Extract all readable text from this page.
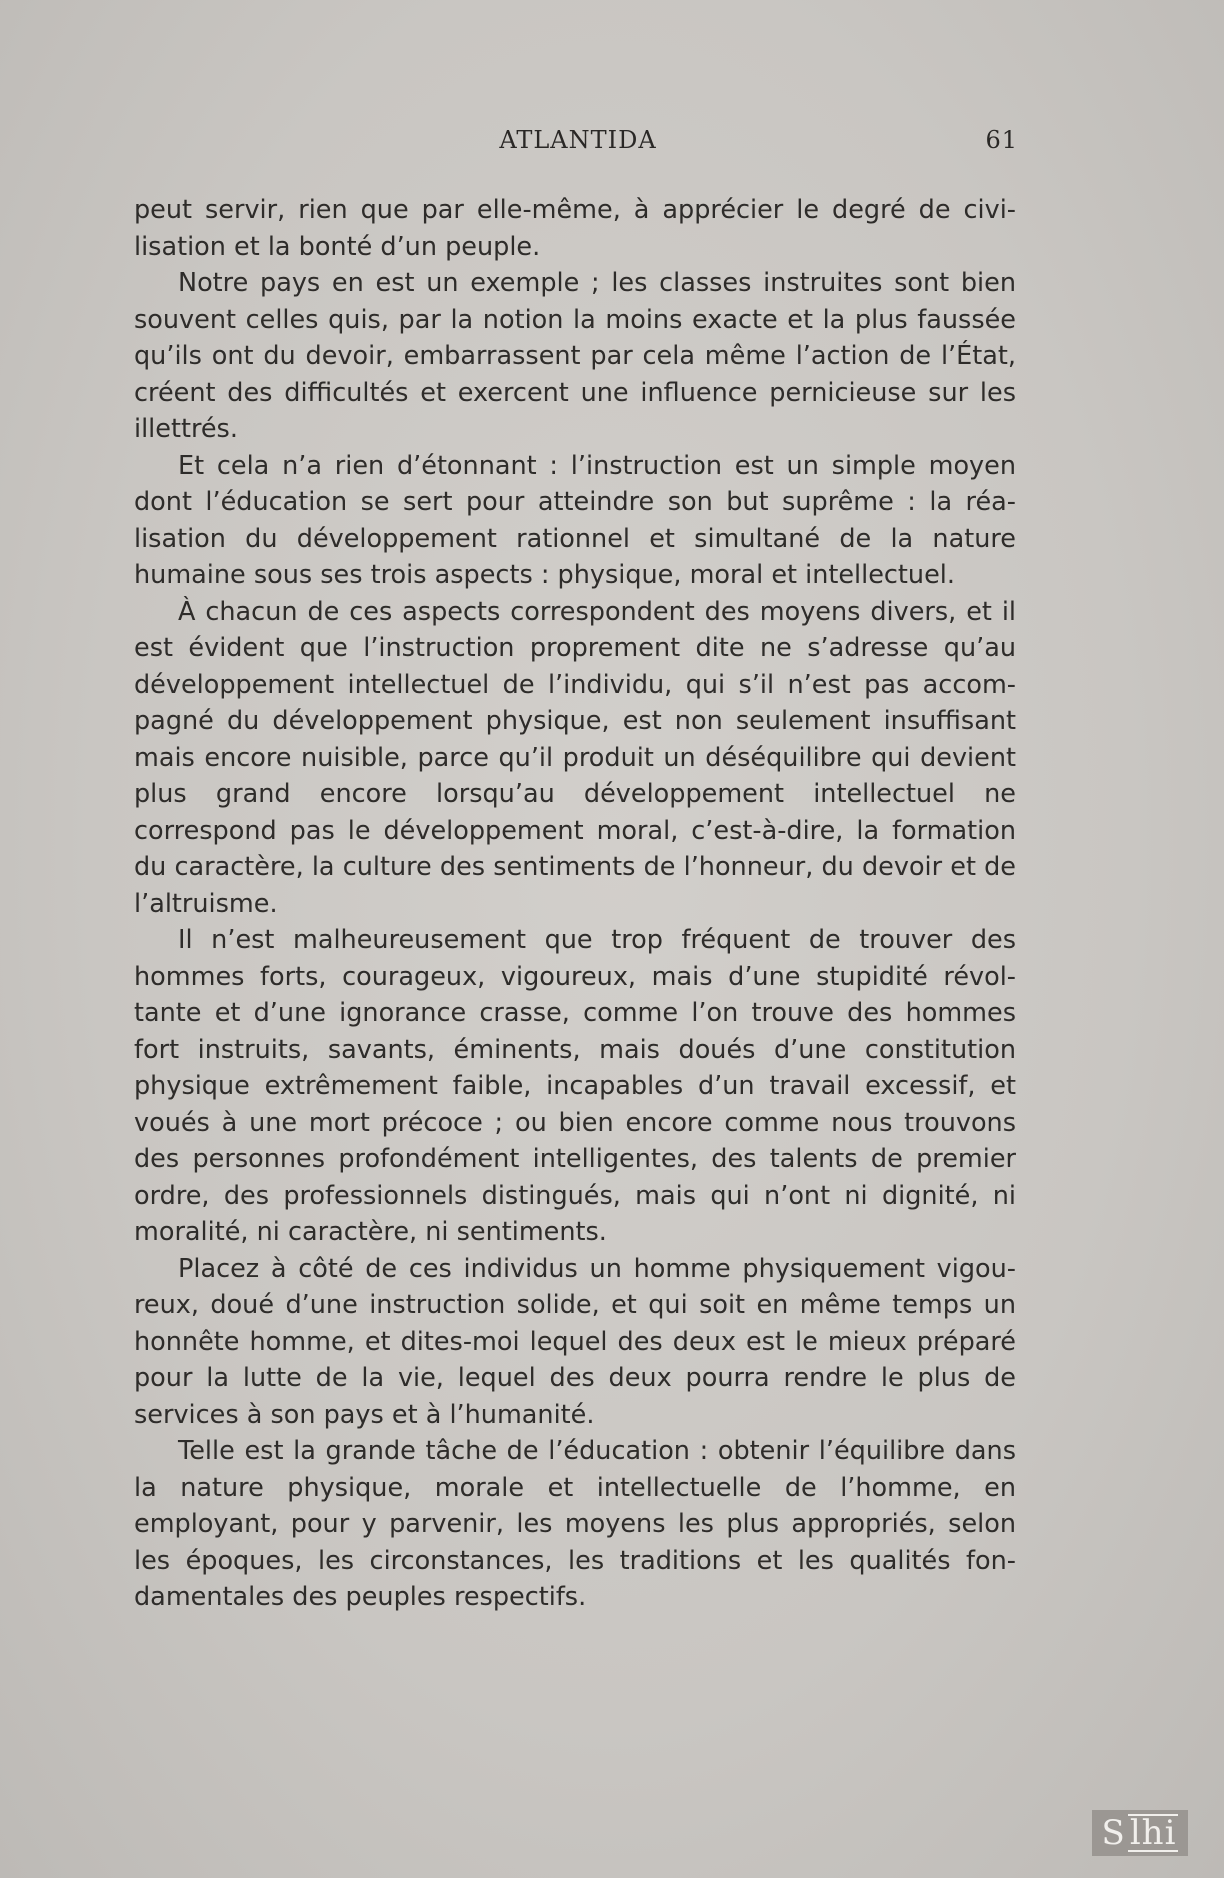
ATLANTIDA	61

peut servir, rien que par elle-même, à apprécier le degré de civilisation et la bonté d’un peuple.

Notre pays en est un exemple ; les classes instruites sont bien souvent celles quis, par la notion la moins exacte et la plus faussée qu’ils ont du devoir, embarrassent par cela même l’action de l’État, créent des difficultés et exercent une influence pernicieuse sur les illettrés.

Et cela n’a rien d’étonnant : l’instruction est un simple moyen dont l’éducation se sert pour atteindre son but suprême : la réalisation du développement rationnel et simultané de la nature humaine sous ses trois aspects : physique, moral et intellectuel.

À chacun de ces aspects correspondent des moyens divers, et il est évident que l’instruction proprement dite ne s’adresse qu’au développement intellectuel de l’individu, qui s’il n’est pas accompagné du développement physique, est non seulement insuffisant mais encore nuisible, parce qu’il produit un déséquilibre qui devient plus grand encore lorsqu’au développement intellectuel ne correspond pas le développement moral, c’est-à-dire, la formation du caractère, la culture des sentiments de l’honneur, du devoir et de l’altruisme.

Il n’est malheureusement que trop fréquent de trouver des hommes forts, courageux, vigoureux, mais d’une stupidité révoltante et d’une ignorance crasse, comme l’on trouve des hommes fort instruits, savants, éminents, mais doués d’une constitution physique extrêmement faible, incapables d’un travail excessif, et voués à une mort précoce ; ou bien encore comme nous trouvons des personnes profondément intelligentes, des talents de premier ordre, des professionnels distingués, mais qui n’ont ni dignité, ni moralité, ni caractère, ni sentiments.

Placez à côté de ces individus un homme physiquement vigoureux, doué d’une instruction solide, et qui soit en même temps un honnête homme, et dites-moi lequel des deux est le mieux préparé pour la lutte de la vie, lequel des deux pourra rendre le plus de services à son pays et à l’humanité.

Telle est la grande tâche de l’éducation : obtenir l’équilibre dans la nature physique, morale et intellectuelle de l’homme, en employant, pour y parvenir, les moyens les plus appropriés, selon les époques, les circonstances, les traditions et les qualités fondamentales des peuples respectifs.

S lhi
